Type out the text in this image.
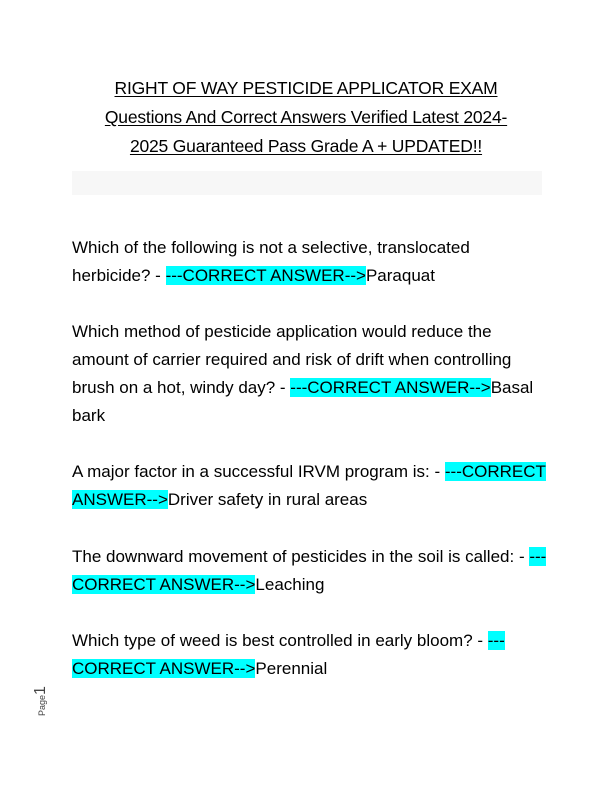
RIGHT OF WAY PESTICIDE APPLICATOR EXAM
Questions And Correct Answers Verified Latest 2024-
2025 Guaranteed Pass Grade A + UPDATED!!

Which of the following is not a selective, translocated herbicide? - ---CORRECT ANSWER-->Paraquat

Which method of pesticide application would reduce the amount of carrier required and risk of drift when controlling brush on a hot, windy day? - ---CORRECT ANSWER-->Basal bark

A major factor in a successful IRVM program is: - ---CORRECT ANSWER-->Driver safety in rural areas

The downward movement of pesticides in the soil is called: - ---CORRECT ANSWER-->Leaching

Which type of weed is best controlled in early bloom? - ---CORRECT ANSWER-->Perennial

Page1
